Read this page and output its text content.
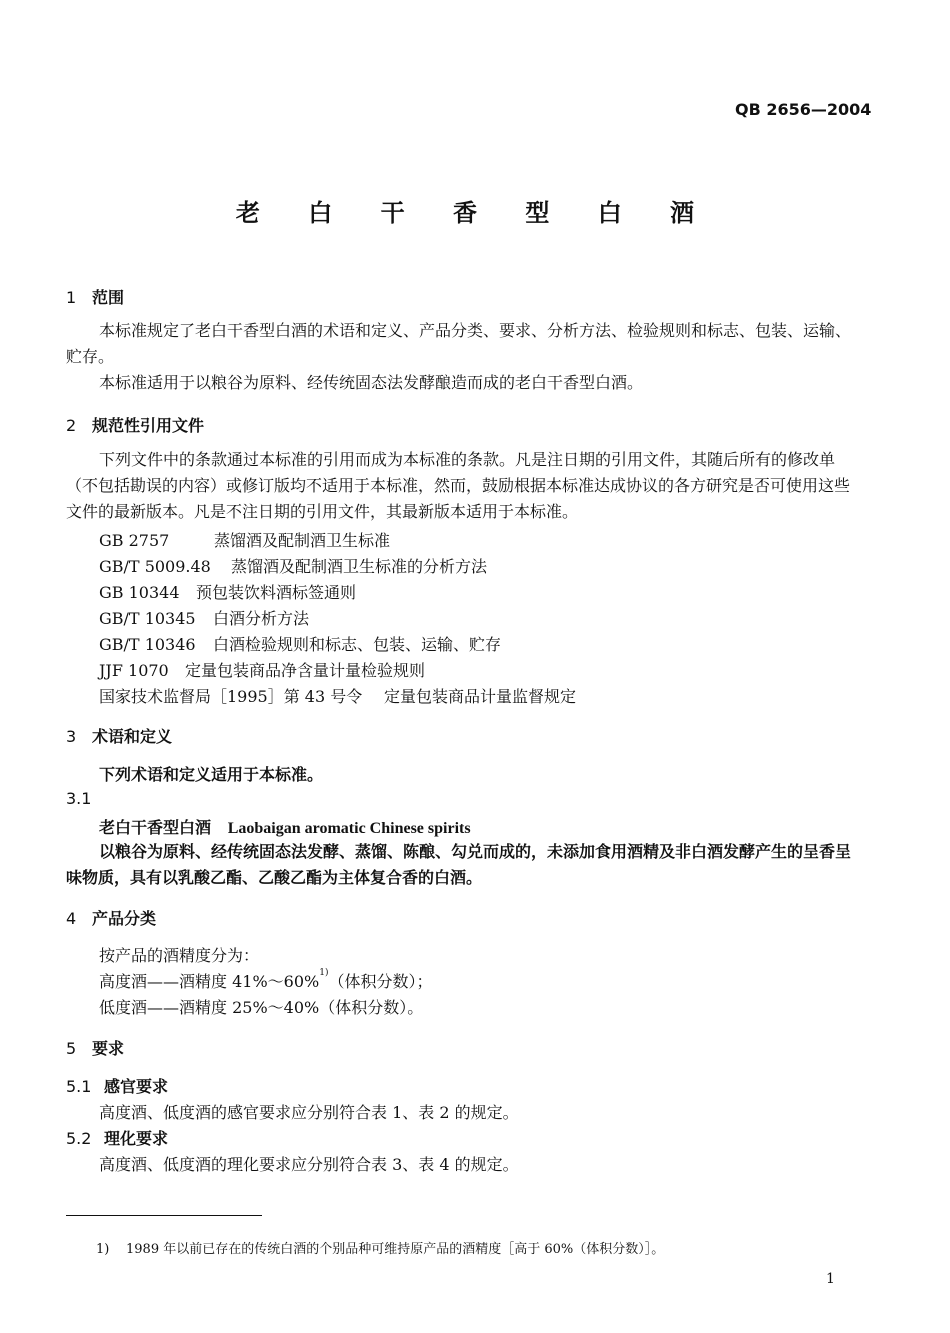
QB 2656—2004
老 白 干 香 型 白 酒
1 范围
本标准规定了老白干香型白酒的术语和定义、产品分类、要求、分析方法、检验规则和标志、包装、运输、贮存。
本标准适用于以粮谷为原料、经传统固态法发酵酿造而成的老白干香型白酒。
2 规范性引用文件
下列文件中的条款通过本标准的引用而成为本标准的条款。凡是注日期的引用文件，其随后所有的修改单（不包括勘误的内容）或修订版均不适用于本标准，然而，鼓励根据本标准达成协议的各方研究是否可使用这些文件的最新版本。凡是不注日期的引用文件，其最新版本适用于本标准。
GB 2757	蒸馏酒及配制酒卫生标准
GB/T 5009.48 蒸馏酒及配制酒卫生标准的分析方法
GB 10344 预包装饮料酒标签通则
GB/T 10345 白酒分析方法
GB/T 10346 白酒检验规则和标志、包装、运输、贮存
JJF 1070 定量包装商品净含量计量检验规则
国家技术监督局［1995］第 43 号令 定量包装商品计量监督规定
3 术语和定义
下列术语和定义适用于本标准。
3.1
老白干香型白酒 Laobaigan aromatic Chinese spirits
以粮谷为原料、经传统固态法发酵、蒸馏、陈酿、勾兑而成的，未添加食用酒精及非白酒发酵产生的呈香呈味物质，具有以乳酸乙酯、乙酸乙酯为主体复合香的白酒。
4 产品分类
按产品的酒精度分为：
高度酒——酒精度 41%～60%$^{1)}$（体积分数）；
低度酒——酒精度 25%～40%（体积分数）。
5 要求
5.1 感官要求
高度酒、低度酒的感官要求应分别符合表 1、表 2 的规定。
5.2 理化要求
高度酒、低度酒的理化要求应分别符合表 3、表 4 的规定。
1) 1989 年以前已存在的传统白酒的个别品种可维持原产品的酒精度［高于 60%（体积分数）］。
1
